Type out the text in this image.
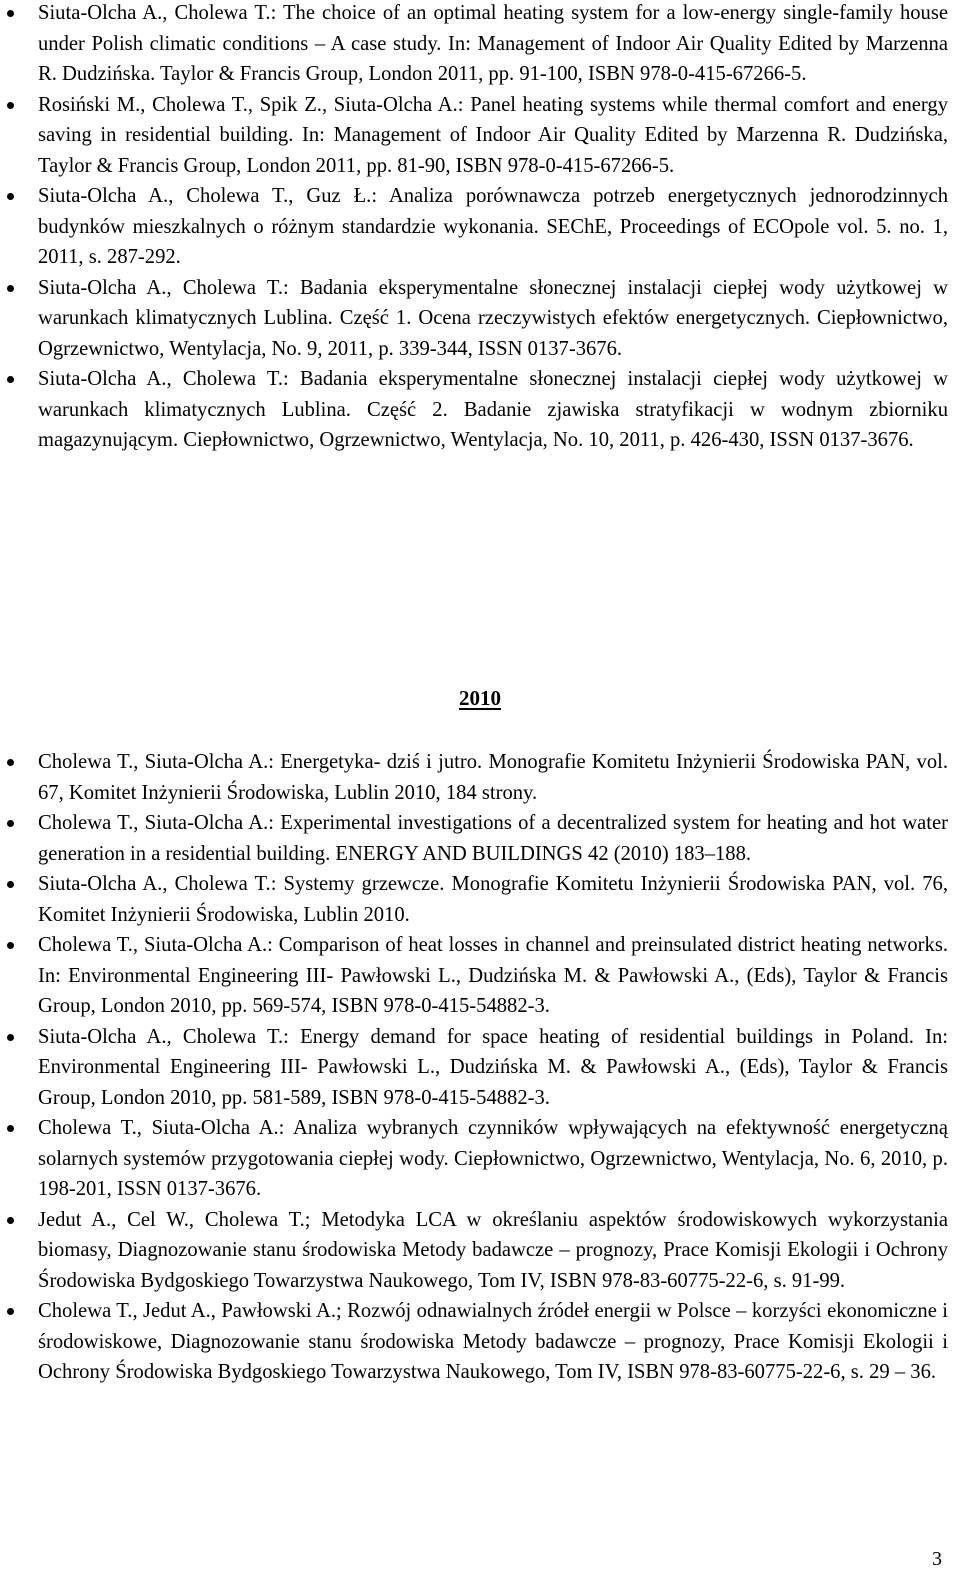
Siuta-Olcha A., Cholewa T.: The choice of an optimal heating system for a low-energy single-family house under Polish climatic conditions – A case study. In: Management of Indoor Air Quality Edited by Marzenna R. Dudzińska. Taylor & Francis Group, London 2011, pp. 91-100, ISBN 978-0-415-67266-5.
Rosiński M., Cholewa T., Spik Z., Siuta-Olcha A.: Panel heating systems while thermal comfort and energy saving in residential building. In: Management of Indoor Air Quality Edited by Marzenna R. Dudzińska, Taylor & Francis Group, London 2011, pp. 81-90, ISBN 978-0-415-67266-5.
Siuta-Olcha A., Cholewa T., Guz Ł.: Analiza porównawcza potrzeb energetycznych jednorodzinnych budynków mieszkalnych o różnym standardzie wykonania. SEChE, Proceedings of ECOpole vol. 5. no. 1, 2011, s. 287-292.
Siuta-Olcha A., Cholewa T.: Badania eksperymentalne słonecznej instalacji ciepłej wody użytkowej w warunkach klimatycznych Lublina. Część 1. Ocena rzeczywistych efektów energetycznych. Ciepłownictwo, Ogrzewnictwo, Wentylacja, No. 9, 2011, p. 339-344, ISSN 0137-3676.
Siuta-Olcha A., Cholewa T.: Badania eksperymentalne słonecznej instalacji ciepłej wody użytkowej w warunkach klimatycznych Lublina. Część 2. Badanie zjawiska stratyfikacji w wodnym zbiorniku magazynującym. Ciepłownictwo, Ogrzewnictwo, Wentylacja, No. 10, 2011, p. 426-430, ISSN 0137-3676.
2010
Cholewa T., Siuta-Olcha A.: Energetyka- dziś i jutro. Monografie Komitetu Inżynierii Środowiska PAN, vol. 67, Komitet Inżynierii Środowiska, Lublin 2010, 184 strony.
Cholewa T., Siuta-Olcha A.: Experimental investigations of a decentralized system for heating and hot water generation in a residential building. ENERGY AND BUILDINGS 42 (2010) 183–188.
Siuta-Olcha A., Cholewa T.: Systemy grzewcze. Monografie Komitetu Inżynierii Środowiska PAN, vol. 76, Komitet Inżynierii Środowiska, Lublin 2010.
Cholewa T., Siuta-Olcha A.: Comparison of heat losses in channel and preinsulated district heating networks. In: Environmental Engineering III- Pawłowski L., Dudzińska M. & Pawłowski A., (Eds), Taylor & Francis Group, London 2010, pp. 569-574, ISBN 978-0-415-54882-3.
Siuta-Olcha A., Cholewa T.: Energy demand for space heating of residential buildings in Poland. In: Environmental Engineering III- Pawłowski L., Dudzińska M. & Pawłowski A., (Eds), Taylor & Francis Group, London 2010, pp. 581-589, ISBN 978-0-415-54882-3.
Cholewa T., Siuta-Olcha A.: Analiza wybranych czynników wpływających na efektywność energetyczną solarnych systemów przygotowania ciepłej wody. Ciepłownictwo, Ogrzewnictwo, Wentylacja, No. 6, 2010, p. 198-201, ISSN 0137-3676.
Jedut A., Cel W., Cholewa T.; Metodyka LCA w określaniu aspektów środowiskowych wykorzystania biomasy, Diagnozowanie stanu środowiska Metody badawcze – prognozy, Prace Komisji Ekologii i Ochrony Środowiska Bydgoskiego Towarzystwa Naukowego, Tom IV, ISBN 978-83-60775-22-6, s. 91-99.
Cholewa T., Jedut A., Pawłowski A.; Rozwój odnawialnych źródeł energii w Polsce – korzyści ekonomiczne i środowiskowe, Diagnozowanie stanu środowiska Metody badawcze – prognozy, Prace Komisji Ekologii i Ochrony Środowiska Bydgoskiego Towarzystwa Naukowego, Tom IV, ISBN 978-83-60775-22-6, s. 29 – 36.
3
